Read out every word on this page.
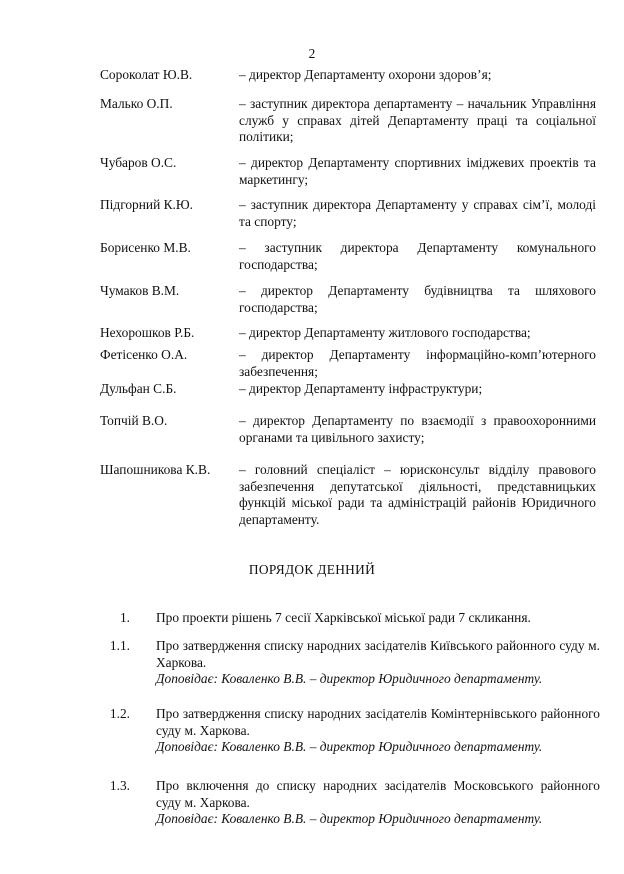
2
Сороколат Ю.В.	– директор Департаменту охорони здоров’я;
Малько О.П.	– заступник директора департаменту – начальник Управління служб у справах дітей Департаменту праці та соціальної політики;
Чубаров О.С.	– директор Департаменту спортивних іміджевих проектів та маркетингу;
Підгорний К.Ю.	– заступник директора Департаменту у справах сім’ї, молоді та спорту;
Борисенко М.В.	– заступник директора Департаменту комунального господарства;
Чумаков В.М.	– директор Департаменту будівництва та шляхового господарства;
Нехорошков Р.Б.	– директор Департаменту житлового господарства;
Фетісенко О.А.	– директор Департаменту інформаційно-комп’ютерного забезпечення;
Дульфан С.Б.	– директор Департаменту інфраструктури;
Топчій В.О.	– директор Департаменту по взаємодії з правоохоронними органами та цивільного захисту;
Шапошникова К.В. – головний спеціаліст – юрисконсульт відділу правового забезпечення депутатської діяльності, представницьких функцій міської ради та адміністрацій районів Юридичного департаменту.
ПОРЯДОК ДЕННИЙ
1. Про проекти рішень 7 сесії Харківської міської ради 7 скликання.
1.1. Про затвердження списку народних засідателів Київського районного суду м. Харкова.
Доповідає: Коваленко В.В. – директор Юридичного департаменту.
1.2. Про затвердження списку народних засідателів Комінтернівського районного суду м. Харкова.
Доповідає: Коваленко В.В. – директор Юридичного департаменту.
1.3. Про включення до списку народних засідателів Московського районного суду м. Харкова.
Доповідає: Коваленко В.В. – директор Юридичного департаменту.
